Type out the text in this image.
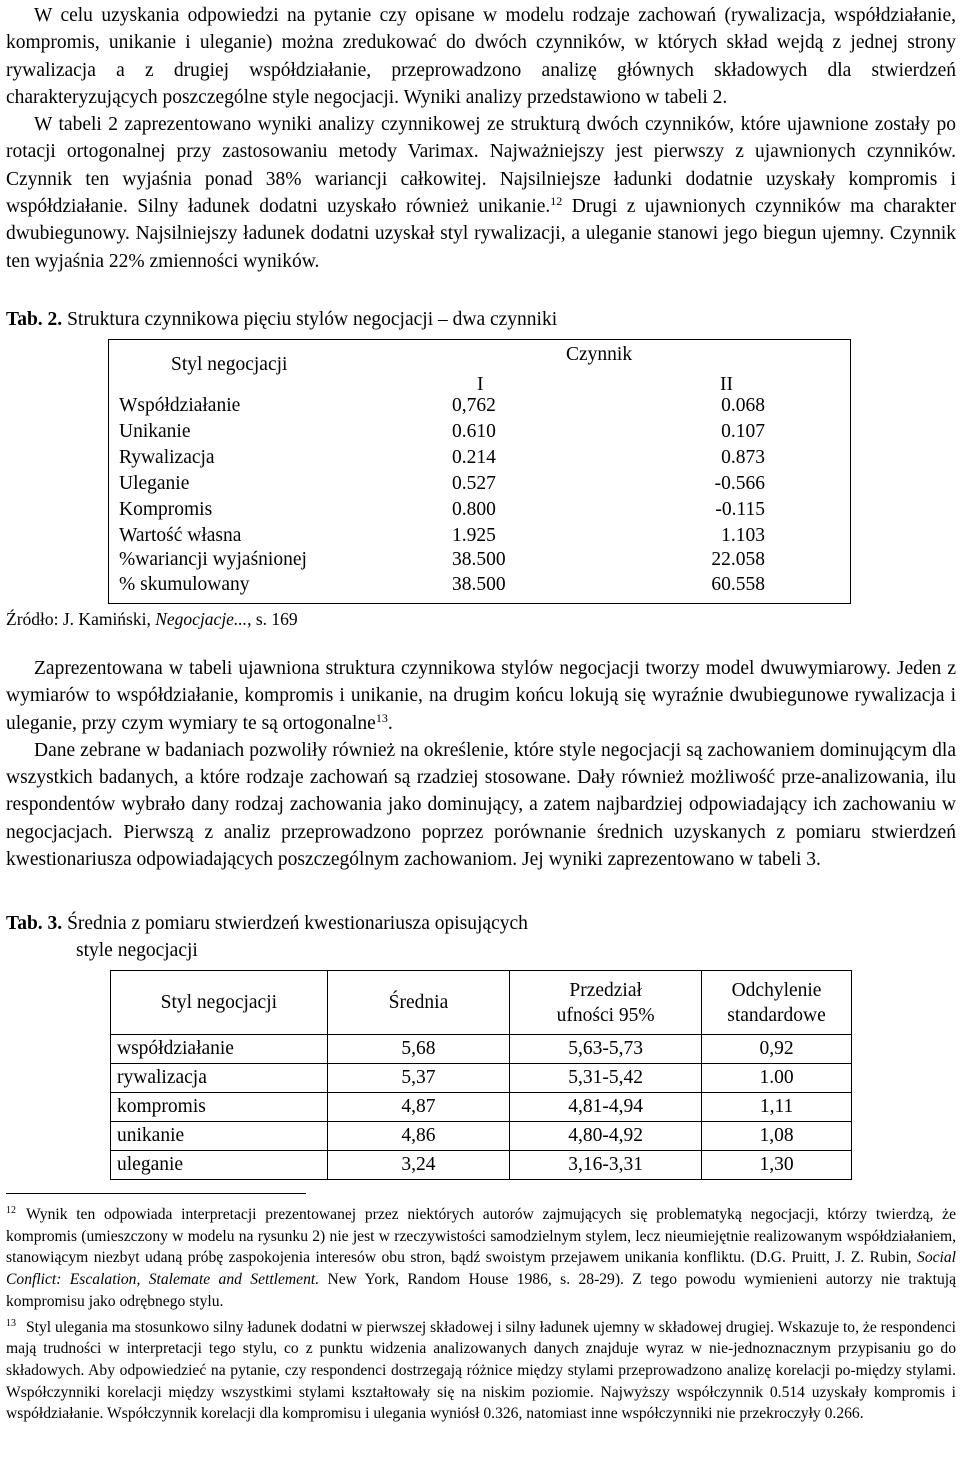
W celu uzyskania odpowiedzi na pytanie czy opisane w modelu rodzaje zachowań (rywalizacja, współdziałanie, kompromis, unikanie i uleganie) można zredukować do dwóch czynników, w których skład wejdą z jednej strony rywalizacja a z drugiej współdziałanie, przeprowadzono analizę głównych składowych dla stwierdzeń charakteryzujących poszczególne style negocjacji. Wyniki analizy przedstawiono w tabeli 2.

W tabeli 2 zaprezentowano wyniki analizy czynnikowej ze strukturą dwóch czynników, które ujawnione zostały po rotacji ortogonalnej przy zastosowaniu metody Varimax. Najważniejszy jest pierwszy z ujawnionych czynników. Czynnik ten wyjaśnia ponad 38% wariancji całkowitej. Najsilniejsze ładunki dodatnie uzyskały kompromis i współdziałanie. Silny ładunek dodatni uzyskało również unikanie.$^{12}$ Drugi z ujawnionych czynników ma charakter dwubiegunowy. Najsilniejszy ładunek dodatni uzyskał styl rywalizacji, a uleganie stanowi jego biegun ujemny. Czynnik ten wyjaśnia 22% zmienności wyników.

Tab. 2. Struktura czynnikowa pięciu stylów negocjacji – dwa czynniki

Styl negocjacji	Czynnik
I	II
Współdziałanie	0,762	0.068
Unikanie	0.610	0.107
Rywalizacja	0.214	0.873
Uleganie	0.527	-0.566
Kompromis	0.800	-0.115
Wartość własna	1.925	1.103
%wariancji wyjaśnionej	38.500	22.058
% skumulowany	38.500	60.558

Źródło: J. Kamiński, Negocjacje..., s. 169

Zaprezentowana w tabeli ujawniona struktura czynnikowa stylów negocjacji tworzy model dwuwymiarowy. Jeden z wymiarów to współdziałanie, kompromis i unikanie, na drugim końcu lokują się wyraźnie dwubiegunowe rywalizacja i uleganie, przy czym wymiary te są ortogonalne$^{13}$.

Dane zebrane w badaniach pozwoliły również na określenie, które style negocjacji są zachowaniem dominującym dla wszystkich badanych, a które rodzaje zachowań są rzadziej stosowane. Dały również możliwość prze-analizowania, ilu respondentów wybrało dany rodzaj zachowania jako dominujący, a zatem najbardziej odpowiadający ich zachowaniu w negocjacjach. Pierwszą z analiz przeprowadzono poprzez porównanie średnich uzyskanych z pomiaru stwierdzeń kwestionariusza odpowiadających poszczególnym zachowaniom. Jej wyniki zaprezentowano w tabeli 3.

Tab. 3. Średnia z pomiaru stwierdzeń kwestionariusza opisujących

style negocjacji

Styl negocjacji	Średnia	Przedział ufności 95%	Odchylenie standardowe
współdziałanie	5,68	5,63-5,73	0,92
rywalizacja	5,37	5,31-5,42	1.00
kompromis	4,87	4,81-4,94	1,11
unikanie	4,86	4,80-4,92	1,08
uleganie	3,24	3,16-3,31	1,30

$^{12}$ Wynik ten odpowiada interpretacji prezentowanej przez niektórych autorów zajmujących się problematyką negocjacji, którzy twierdzą, że kompromis (umieszczony w modelu na rysunku 2) nie jest w rzeczywistości samodzielnym stylem, lecz nieumiejętnie realizowanym współdziałaniem, stanowiącym niezbyt udaną próbę zaspokojenia interesów obu stron, bądź swoistym przejawem unikania konfliktu. (D.G. Pruitt, J. Z. Rubin, Social Conflict: Escalation, Stalemate and Settlement. New York, Random House 1986, s. 28-29). Z tego powodu wymienieni autorzy nie traktują kompromisu jako odrębnego stylu.

$^{13}$ Styl ulegania ma stosunkowo silny ładunek dodatni w pierwszej składowej i silny ładunek ujemny w składowej drugiej. Wskazuje to, że respondenci mają trudności w interpretacji tego stylu, co z punktu widzenia analizowanych danych znajduje wyraz w nie-jednoznacznym przypisaniu go do składowych. Aby odpowiedzieć na pytanie, czy respondenci dostrzegają różnice między stylami przeprowadzono analizę korelacji po-między stylami. Współczynniki korelacji między wszystkimi stylami kształtowały się na niskim poziomie. Najwyższy współczynnik 0.514 uzyskały kompromis i współdziałanie. Współczynnik korelacji dla kompromisu i ulegania wyniósł 0.326, natomiast inne współczynniki nie przekroczyły 0.266.
